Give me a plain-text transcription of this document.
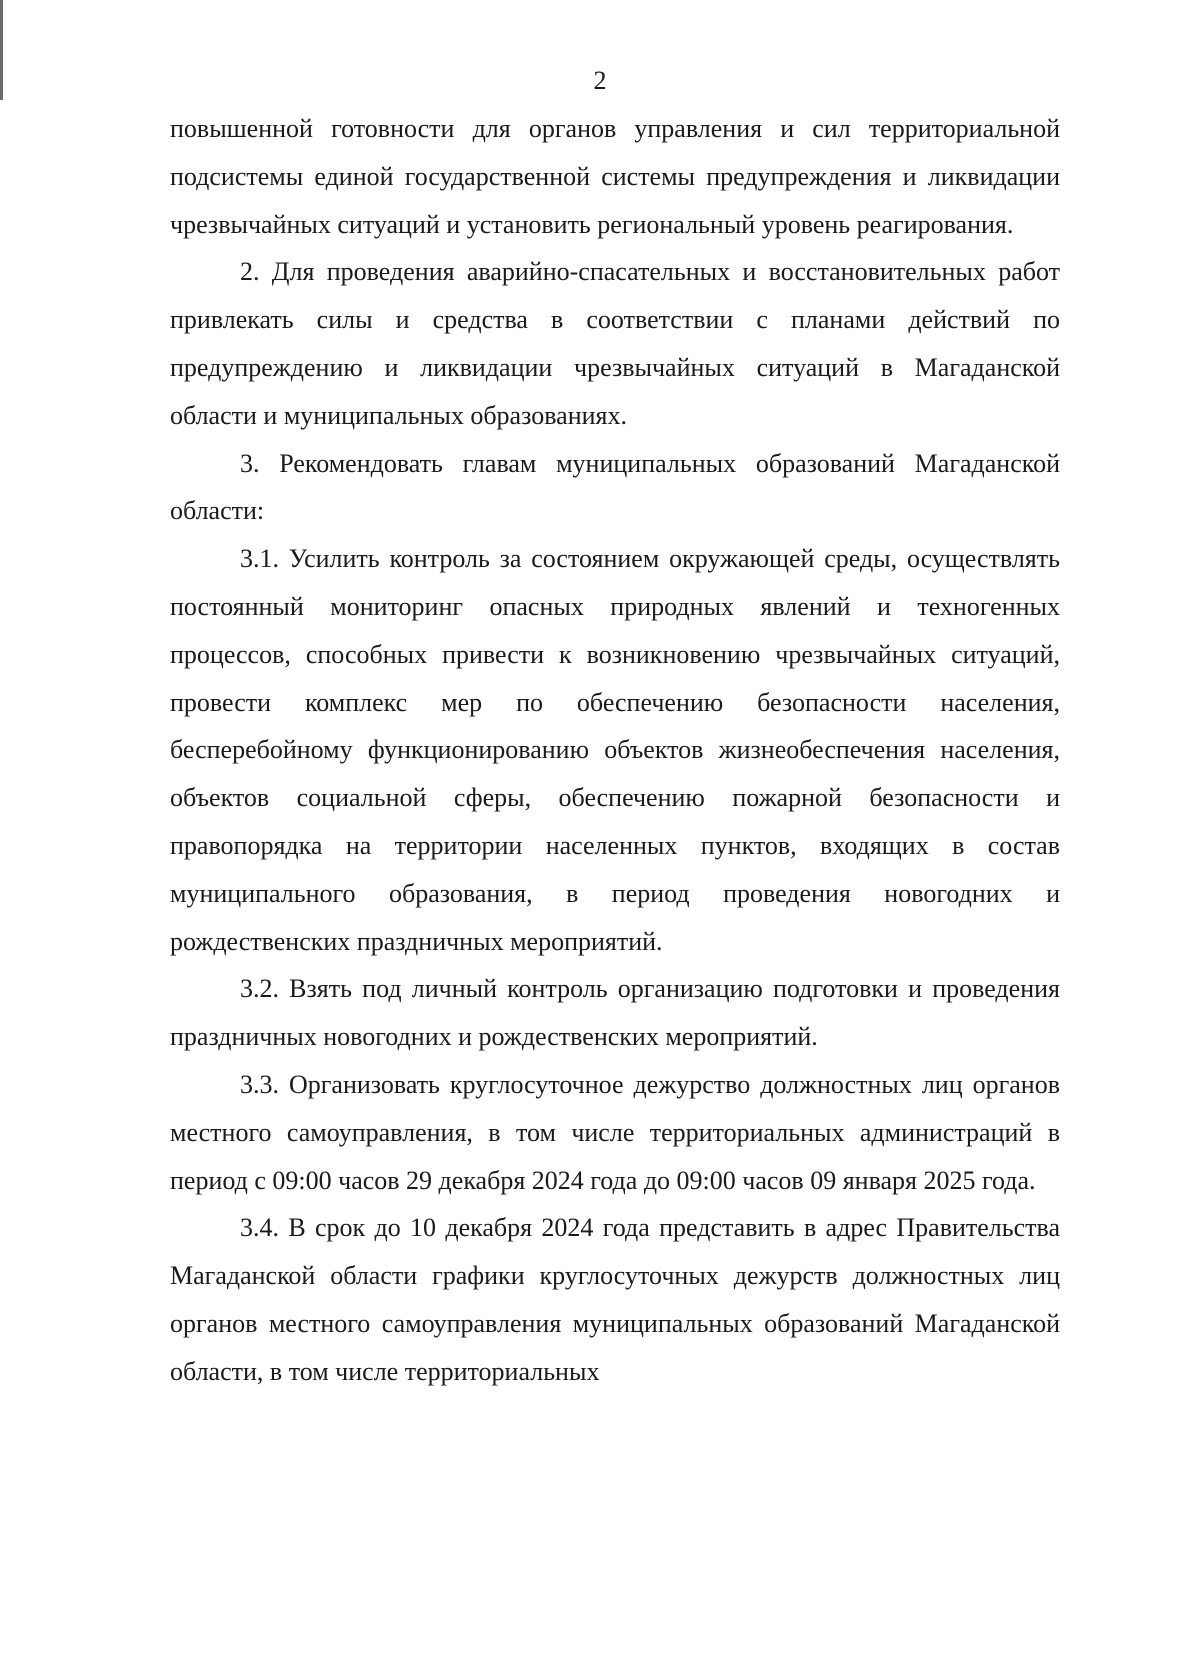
2

повышенной готовности для органов управления и сил территориальной подсистемы единой государственной системы предупреждения и ликвидации чрезвычайных ситуаций и установить региональный уровень реагирования.

2. Для проведения аварийно-спасательных и восстановительных работ привлекать силы и средства в соответствии с планами действий по предупреждению и ликвидации чрезвычайных ситуаций в Магаданской области и муниципальных образованиях.

3. Рекомендовать главам муниципальных образований Магаданской области:

3.1. Усилить контроль за состоянием окружающей среды, осуществлять постоянный мониторинг опасных природных явлений и техногенных процессов, способных привести к возникновению чрезвычайных ситуаций, провести комплекс мер по обеспечению безопасности населения, бесперебойному функционированию объектов жизнеобеспечения населения, объектов социальной сферы, обеспечению пожарной безопасности и правопорядка на территории населенных пунктов, входящих в состав муниципального образования, в период проведения новогодних и рождественских праздничных мероприятий.

3.2. Взять под личный контроль организацию подготовки и проведения праздничных новогодних и рождественских мероприятий.

3.3. Организовать круглосуточное дежурство должностных лиц органов местного самоуправления, в том числе территориальных администраций в период с 09:00 часов 29 декабря 2024 года до 09:00 часов 09 января 2025 года.

3.4. В срок до 10 декабря 2024 года представить в адрес Правительства Магаданской области графики круглосуточных дежурств должностных лиц органов местного самоуправления муниципальных образований Магаданской области, в том числе территориальных
